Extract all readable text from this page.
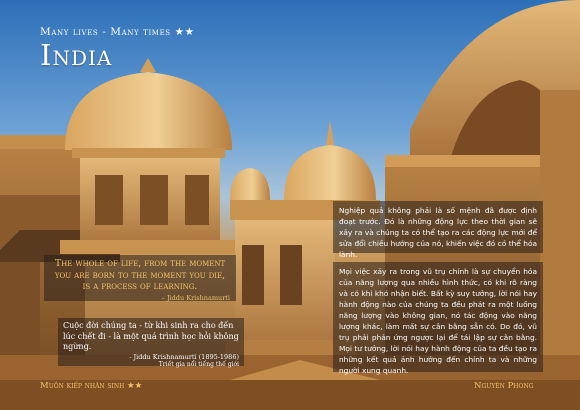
Many lives - Many times ★★
India
The whole of life, from the moment you are born to the moment you die, is a process of learning.
– Jiddu Krishnamurti
Cuộc đời chúng ta - từ khi sinh ra cho đến lúc chết đi - là một quá trình học hỏi không ngừng.
- Jiddu Krishnamurti (1895-1986)
Triết gia nổi tiếng thế giới
Nghiệp quả không phải là số mệnh đã được định đoạt trước. Đó là những động lực theo thời gian sẽ xảy ra và chúng ta có thể tạo ra các động lực mới để sửa đổi chiều hướng của nó, khiến việc đó có thể hóa lành.
Mọi việc xảy ra trong vũ trụ chính là sự chuyển hóa của năng lượng qua nhiều hình thức, có khi rõ ràng và có khi khó nhận biết. Bất kỳ suy tưởng, lời nói hay hành động nào của chúng ta đều phát ra một luồng năng lượng vào không gian, nó tác động vào năng lượng khác, làm mất sự cân bằng sẵn có. Do đó, vũ trụ phải phản ứng ngược lại để tái lập sự cân bằng. Mọi tư tưởng, lời nói hay hành động của ta đều tạo ra những kết quả ảnh hưởng đến chính ta và những người xung quanh.
Muôn kiếp nhân sinh ★★	Nguyên Phong
